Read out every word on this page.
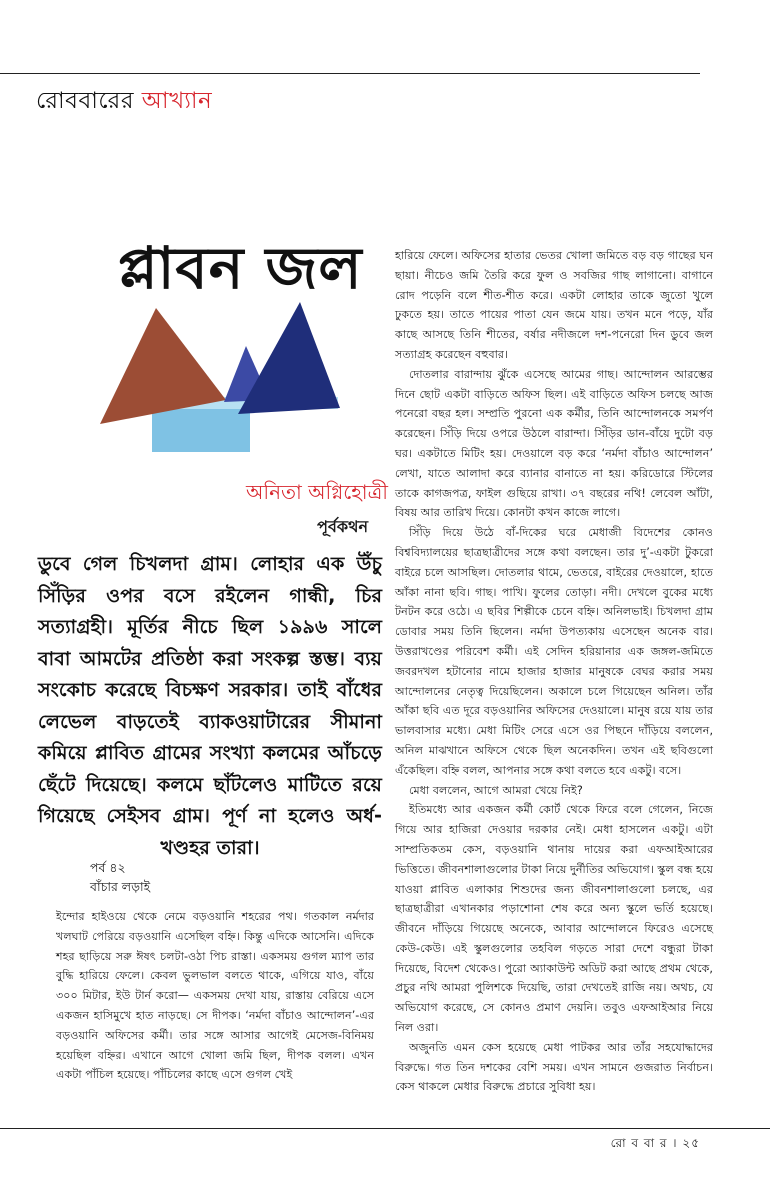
রোববারের আখ্যান
প্লাবন জল
অনিতা অগ্নিহোত্রী
পূর্বকথন

ডুবে গেল চিখলদা গ্রাম। লোহার এক উঁচু সিঁড়ির ওপর বসে রইলেন গান্ধী, চির সত্যাগ্রহী। মূর্তির নীচে ছিল ১৯৯৬ সালে বাবা আমটের প্রতিষ্ঠা করা সংকল্প স্তম্ভ। ব্যয় সংকোচ করেছে বিচক্ষণ সরকার। তাই বাঁধের লেভেল বাড়তেই ব্যাকওয়াটারের সীমানা কমিয়ে প্লাবিত গ্রামের সংখ্যা কলমের আঁচড়ে ছেঁটে দিয়েছে। কলমে ছাঁটলেও মাটিতে রয়ে গিয়েছে সেইসব গ্রাম। পূর্ণ না হলেও অর্ধ-খণ্ডহর তারা।

পর্ব ৪২
বাঁচার লড়াই

ইন্দোর হাইওয়ে থেকে নেমে বড়ওয়ানি শহরের পথ। গতকাল নর্মদার খলঘাট পেরিয়ে বড়ওয়ানি এসেছিল বহ্নি। কিন্তু এদিকে আসেনি। এদিকে শহর ছাড়িয়ে সরু ঈষৎ চলটা-ওঠা পিচ রাস্তা। একসময় গুগল ম্যাপ তার বুদ্ধি হারিয়ে ফেলে। কেবল ভুলভাল বলতে থাকে, এগিয়ে যাও, বাঁয়ে ৩০০ মিটার, ইউ টার্ন করো— একসময় দেখা যায়, রাস্তায় বেরিয়ে এসে একজন হাসিমুখে হাত নাড়ছে। সে দীপক। ‘নর্মদা বাঁচাও আন্দোলন’-এর বড়ওয়ানি অফিসের কর্মী। তার সঙ্গে আসার আগেই মেসেজ-বিনিময় হয়েছিল বহ্নির। এখানে আগে খোলা জমি ছিল, দীপক বলল। এখন একটা পাঁচিল হয়েছে। পাঁচিলের কাছে এসে গুগল খেই

হারিয়ে ফেলে। অফিসের হাতার ভেতর খোলা জমিতে বড় বড় গাছের ঘন ছায়া। নীচেও জমি তৈরি করে ফুল ও সবজির গাছ লাগানো। বাগানে রোদ পড়েনি বলে শীত-শীত করে। একটা লোহার তাকে জুতো খুলে ঢুকতে হয়। তাতে পায়ের পাতা যেন জমে যায়। তখন মনে পড়ে, যাঁর কাছে আসছে তিনি শীতের, বর্ষার নদীজলে দশ-পনেরো দিন ডুবে জল সত্যাগ্রহ করেছেন বহুবার।

দোতলার বারান্দায় ঝুঁকে এসেছে আমের গাছ। আন্দোলন আরম্ভের দিনে ছোট একটা বাড়িতে অফিস ছিল। এই বাড়িতে অফিস চলছে আজ পনেরো বছর হল। সম্প্রতি পুরনো এক কর্মীর, তিনি আন্দোলনকে সমর্পণ করেছেন। সিঁড়ি দিয়ে ওপরে উঠলে বারান্দা। সিঁড়ির ডান-বাঁয়ে দুটো বড় ঘর। একটাতে মিটিং হয়। দেওয়ালে বড় করে ‘নর্মদা বাঁচাও আন্দোলন’ লেখা, যাতে আলাদা করে ব্যানার বানাতে না হয়। করিডোরে স্টিলের তাকে কাগজপত্র, ফাইল গুছিয়ে রাখা। ৩৭ বছরের নথি! লেবেল আঁটা, বিষয় আর তারিখ দিয়ে। কোনটা কখন কাজে লাগে।

সিঁড়ি দিয়ে উঠে বাঁ-দিকের ঘরে মেধাজী বিদেশের কোনও বিশ্ববিদ্যালয়ের ছাত্রছাত্রীদের সঙ্গে কথা বলছেন। তার দু’-একটা টুকরো বাইরে চলে আসছিল। দোতলার থামে, ভেতরে, বাইরের দেওয়ালে, হাতে আঁকা নানা ছবি। গাছ। পাখি। ফুলের তোড়া। নদী। দেখলে বুকের মধ্যে টনটন করে ওঠে। এ ছবির শিল্পীকে চেনে বহ্নি। অনিলভাই। চিখলদা গ্রাম ডোবার সময় তিনি ছিলেন। নর্মদা উপত্যকায় এসেছেন অনেক বার। উত্তরাখণ্ডের পরিবেশ কর্মী। এই সেদিন হরিয়ানার এক জঙ্গল-জমিতে জবরদখল হটানোর নামে হাজার হাজার মানুষকে বেঘর করার সময় আন্দোলনের নেতৃত্ব দিয়েছিলেন। অকালে চলে গিয়েছেন অনিল। তাঁর আঁকা ছবি এত দূরে বড়ওয়ানির অফিসের দেওয়ালে। মানুষ রয়ে যায় তার ভালবাসার মধ্যে। মেধা মিটিং সেরে এসে ওর পিছনে দাঁড়িয়ে বললেন, অনিল মাঝখানে অফিসে থেকে ছিল অনেকদিন। তখন এই ছবিগুলো এঁকেছিল। বহ্নি বলল, আপনার সঙ্গে কথা বলতে হবে একটু। বসে।

মেধা বললেন, আগে আমরা খেয়ে নিই?

ইতিমধ্যে আর একজন কর্মী কোর্ট থেকে ফিরে বলে গেলেন, নিজে গিয়ে আর হাজিরা দেওয়ার দরকার নেই। মেধা হাসলেন একটু। এটা সাম্প্রতিকতম কেস, বড়ওয়ানি থানায় দায়ের করা এফআইআরের ভিত্তিতে। জীবনশালাগুলোর টাকা নিয়ে দুর্নীতির অভিযোগ। স্কুল বন্ধ হয়ে যাওয়া প্লাবিত এলাকার শিশুদের জন্য জীবনশালাগুলো চলছে, এর ছাত্রছাত্রীরা এখানকার পড়াশোনা শেষ করে অন্য স্কুলে ভর্তি হয়েছে। জীবনে দাঁড়িয়ে গিয়েছে অনেকে, আবার আন্দোলনে ফিরেও এসেছে কেউ-কেউ। এই স্কুলগুলোর তহবিল গড়তে সারা দেশে বন্ধুরা টাকা দিয়েছে, বিদেশ থেকেও। পুরো অ্যাকাউন্ট অডিট করা আছে প্রথম থেকে, প্রচুর নথি আমরা পুলিশকে দিয়েছি, তারা দেখতেই রাজি নয়। অথচ, যে অভিযোগ করেছে, সে কোনও প্রমাণ দেয়নি। তবুও এফআইআর নিয়ে নিল ওরা।

অজুনতি এমন কেস হয়েছে মেধা পাটকর আর তাঁর সহযোদ্ধাদের বিরুদ্ধে। গত তিন দশকের বেশি সময়। এখন সামনে গুজরাত নির্বাচন। কেস থাকলে মেধার বিরুদ্ধে প্রচারে সুবিধা হয়।

রো ব বা র । ২৫
